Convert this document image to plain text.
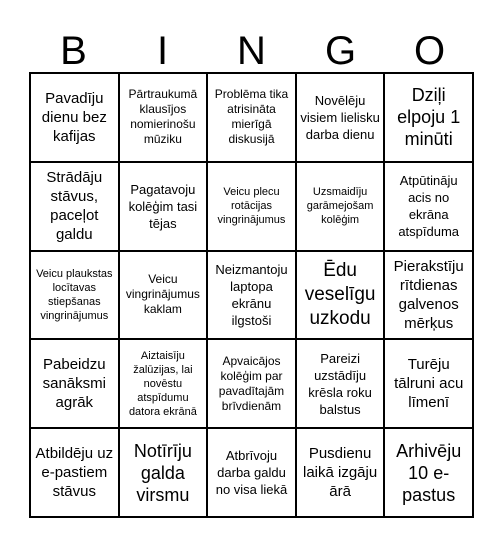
B	I	N	G	O
Pavadīju dienu bez kafijas
Pārtraukumā klausījos nomierinošu mūziku
Problēma tika atrisināta mierīgā diskusijā
Novēlēju visiem lielisku darba dienu
Dziļi elpoju 1 minūti
Strādāju stāvus, paceļot galdu
Pagatavoju kolēģim tasi tējas
Veicu plecu rotācijas vingrinājumus
Uzsmaidīju garāmejošam kolēģim
Atpūtināju acis no ekrāna atspīduma
Veicu plaukstas locītavas stiepšanas vingrinājumus
Veicu vingrinājumus kaklam
Neizmantoju laptopa ekrānu ilgstoši
Ēdu veselīgu uzkodu
Pierakstīju rītdienas galvenos mērķus
Pabeidzu sanāksmi agrāk
Aiztaisīju žalūzijas, lai novēstu atspīdumu datora ekrānā
Apvaicājos kolēģim par pavadītajām brīvdienām
Pareizi uzstādīju krēsla roku balstus
Turēju tālruni acu līmenī
Atbildēju uz e-pastiem stāvus
Notīrīju galda virsmu
Atbrīvoju darba galdu no visa liekā
Pusdienu laikā izgāju ārā
Arhivēju 10 e-pastus
